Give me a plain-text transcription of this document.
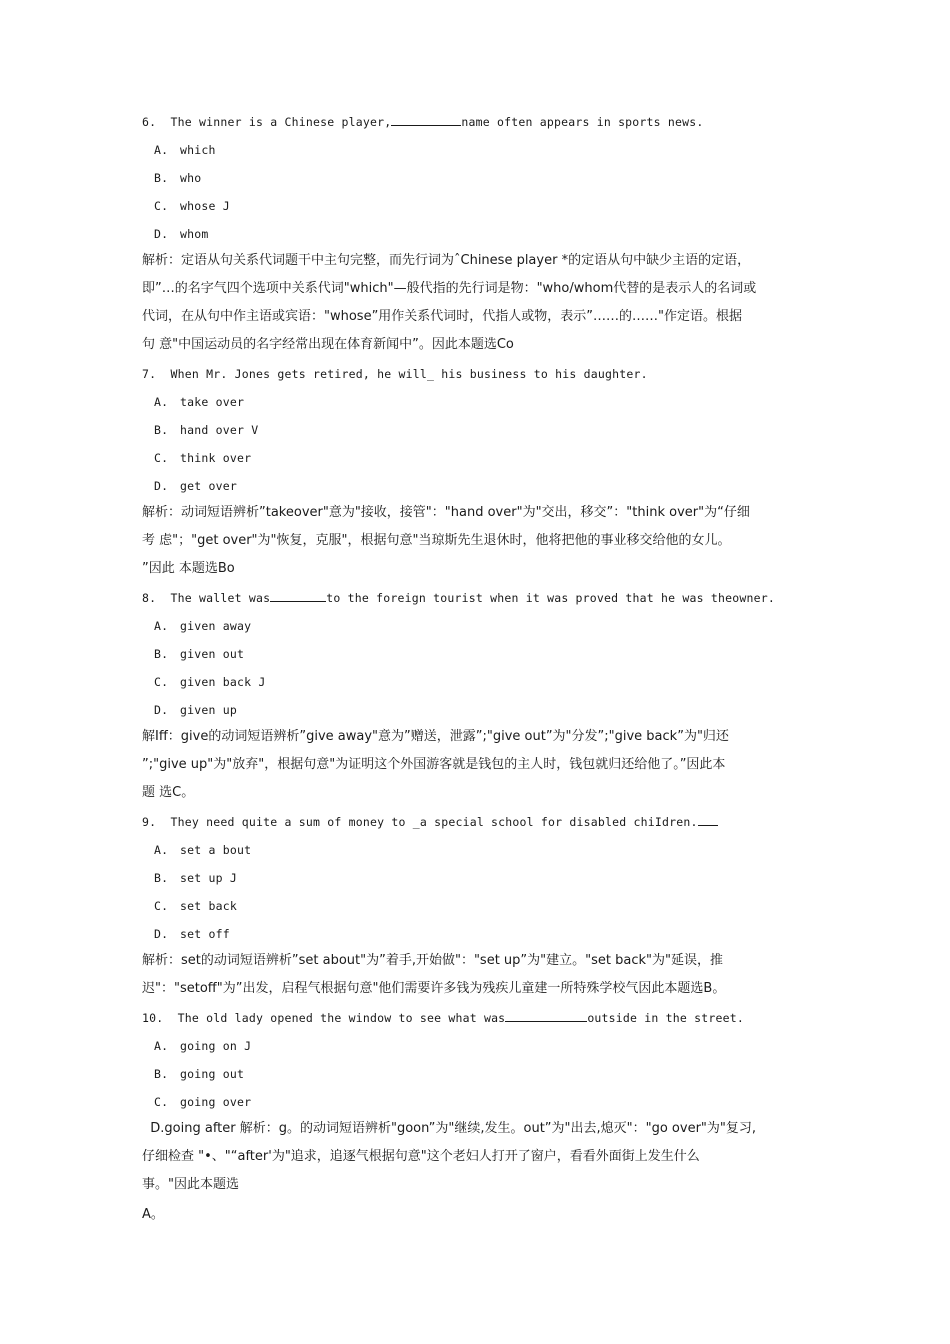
6. The winner is a Chinese player,	name often appears in sports news.
A. which
B. who
C. whose J
D. whom
解析：定语从句关系代词题干中主句完整，而先行词为ˆChinese player *的定语从句中缺少主语的定语，
即”…的名字气四个选项中关系代词"which"—般代指的先行词是物："who/whom代替的是表示人的名词或
代词，在从句中作主语或宾语："whose”用作关系代词时，代指人或物，表示”……的……"作定语。根据
句 意"中国运动员的名字经常出现在体育新闻中”。因此本题选Co
7. When Mr. Jones gets retired, he will_ his business to his daughter.
A. take over
B. hand over V
C. think over
D. get over
解析：动词短语辨析”takeover"意为"接收，接管"："hand over"为"交出，移交”："think over"为“仔细
考 虑"；"get over"为"恢复，克服"，根据句意"当琼斯先生退休时，他将把他的事业移交给他的女儿。
”因此 本题选Bo
8. The wallet was	to the foreign tourist when it was proved that he was theowner.
A. given away
B. given out
C. given back J
D. given up
解Iff：give的动词短语辨析”give away"意为”赠送，泄露”;"give out”为"分发”;"give back”为"归还
”;"give up"为"放弃"，根据句意"为证明这个外国游客就是钱包的主人时，钱包就归还给他了。”因此本
题 选C。
9. They need quite a sum of money to _a special school for disabled chiIdren.
A. set a bout
B. set up J
C. set back
D. set off
解析：set的动词短语辨析”set about"为”着手,开始做"："set up”为"建立。"set back"为"延误，推
迟"："setoff"为”出发，启程气根据句意"他们需要许多钱为残疾儿童建一所特殊学校气因此本题选B。
10. The old lady opened the window to see what was	outside in the street.
A. going on J
B. going out
C. going over
D.going after 解析：g。的动词短语辨析"goon”为"继续,发生。out”为"出去,熄灭"："go over"为"复习,
仔细检查 "•、"“after'为"追求，追逐气根据句意"这个老妇人打开了窗户，看看外面街上发生什么
事。"因此本题选
A。
